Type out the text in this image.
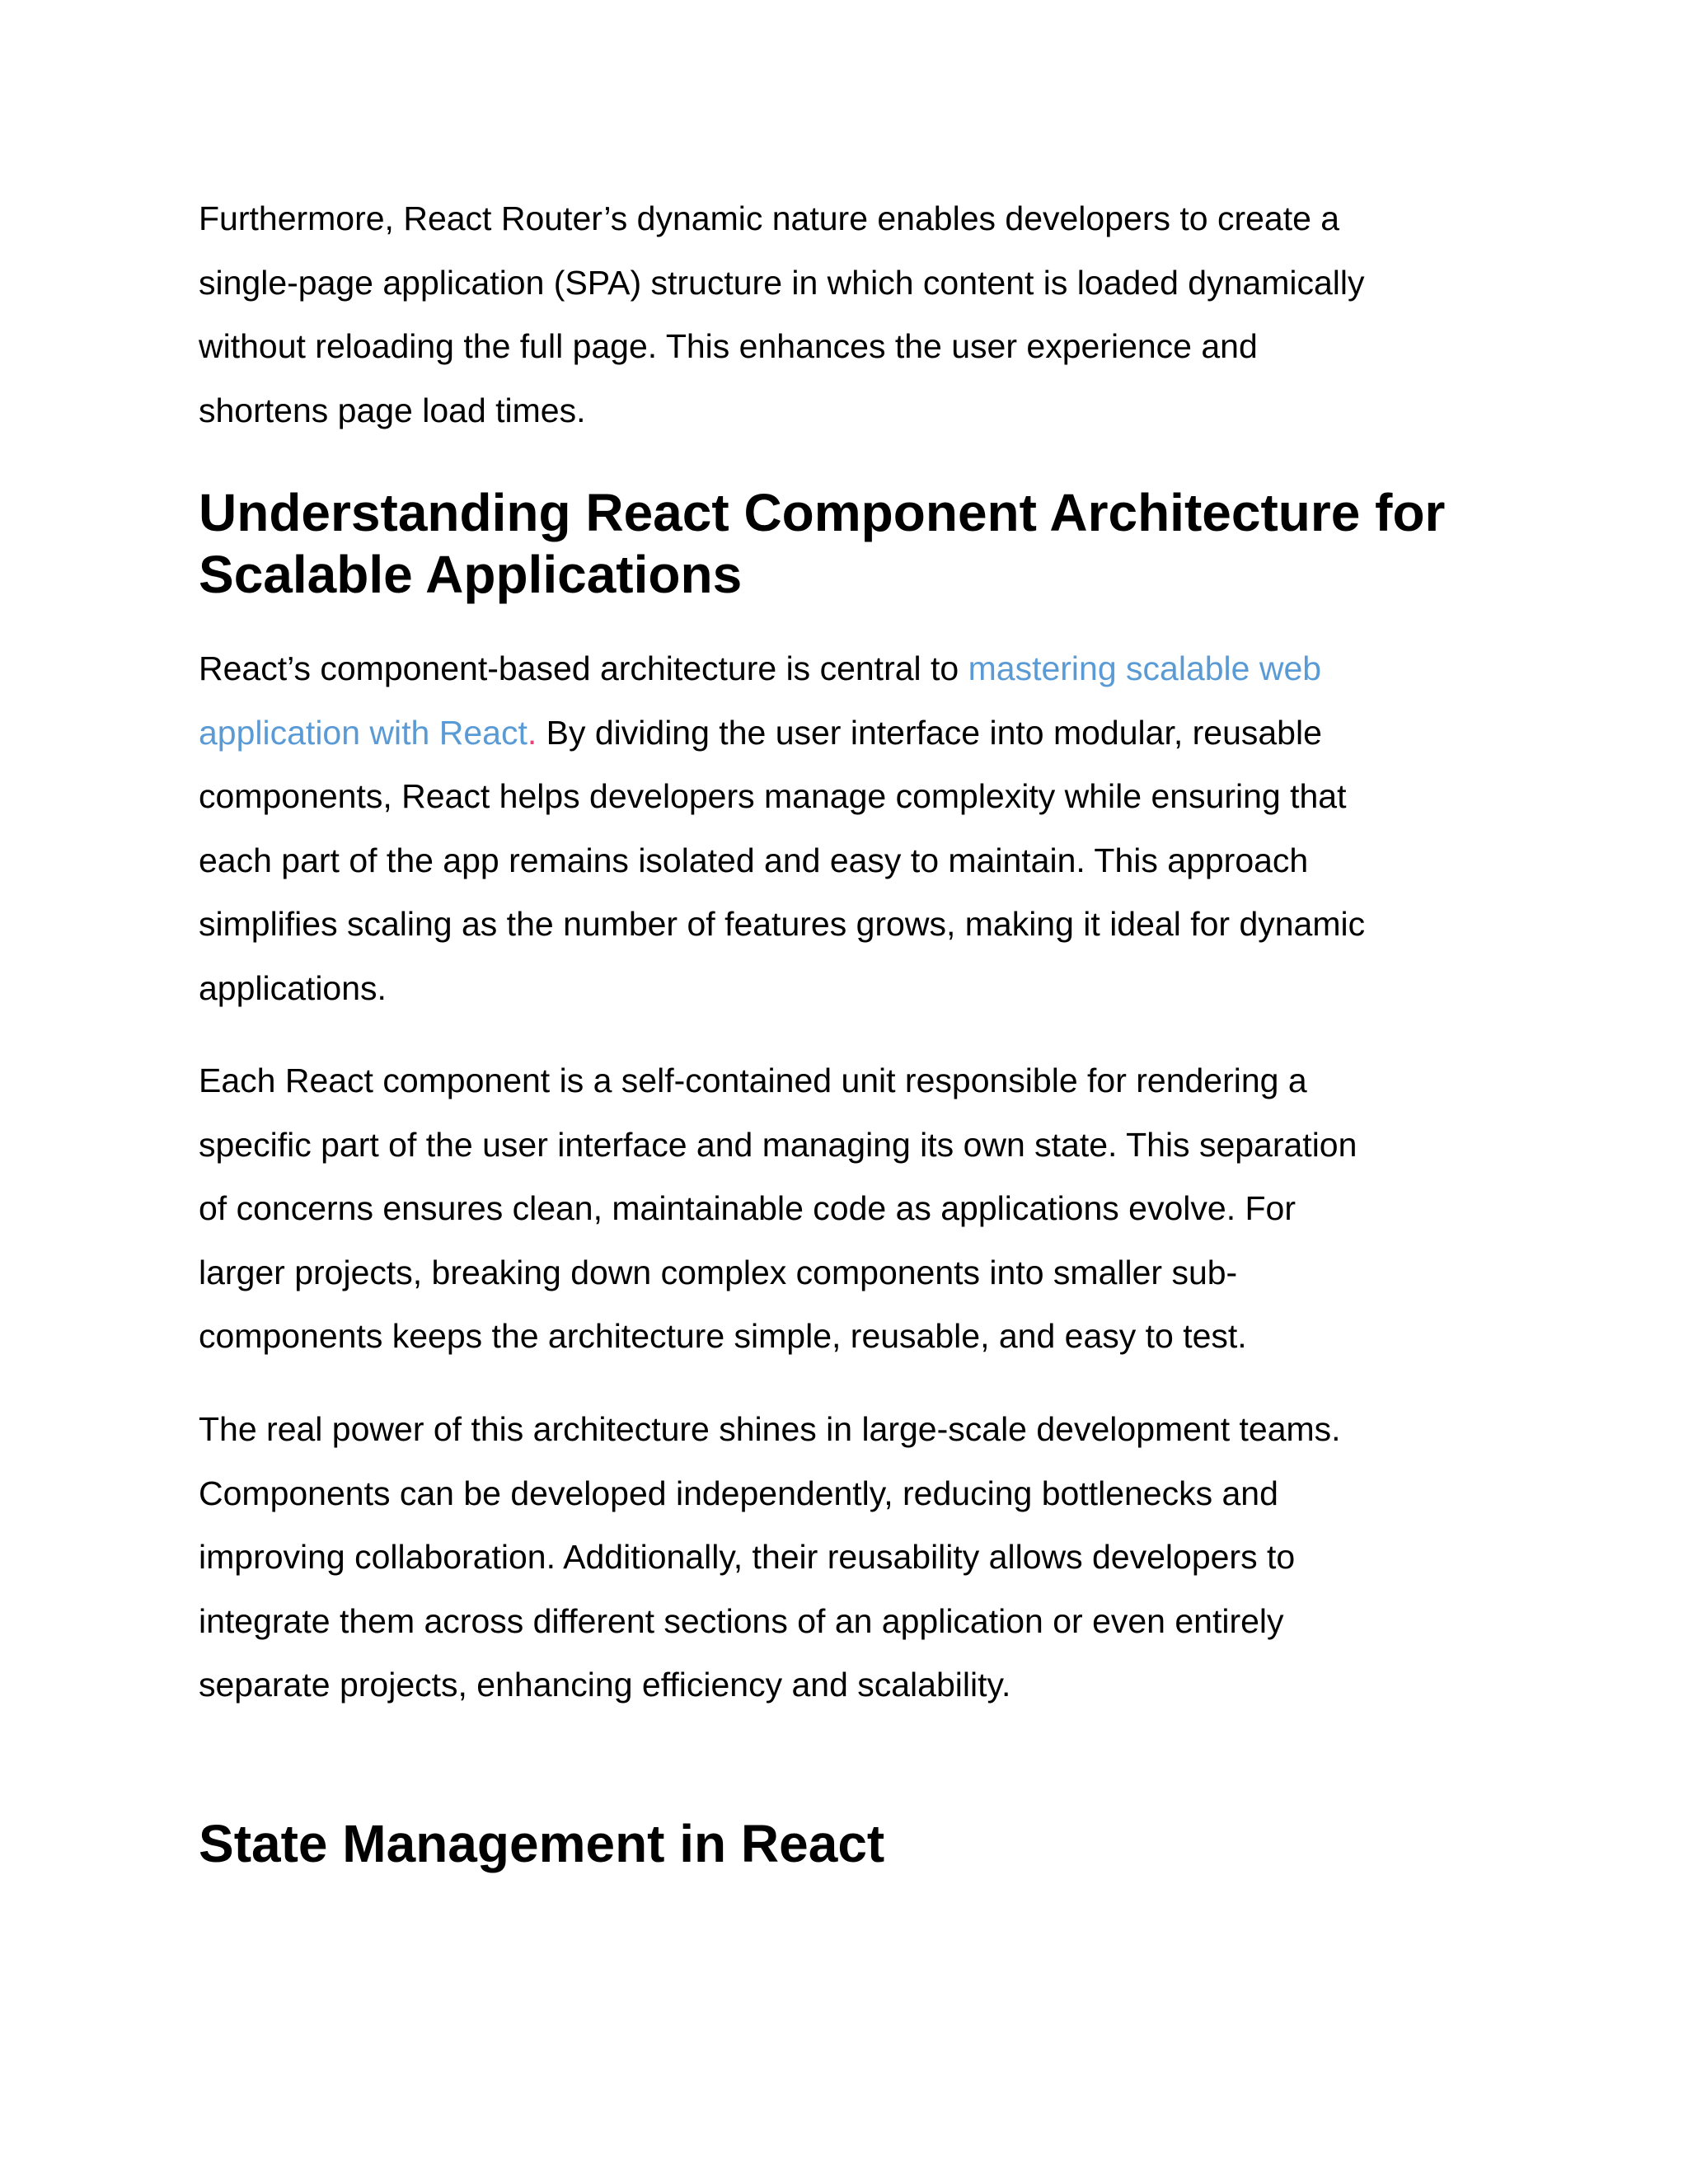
Furthermore, React Router’s dynamic nature enables developers to create a
single-page application (SPA) structure in which content is loaded dynamically
without reloading the full page. This enhances the user experience and
shortens page load times.

Understanding React Component Architecture for
Scalable Applications

React’s component-based architecture is central to mastering scalable web
application with React. By dividing the user interface into modular, reusable
components, React helps developers manage complexity while ensuring that
each part of the app remains isolated and easy to maintain. This approach
simplifies scaling as the number of features grows, making it ideal for dynamic
applications.

Each React component is a self-contained unit responsible for rendering a
specific part of the user interface and managing its own state. This separation
of concerns ensures clean, maintainable code as applications evolve. For
larger projects, breaking down complex components into smaller sub-
components keeps the architecture simple, reusable, and easy to test.

The real power of this architecture shines in large-scale development teams.
Components can be developed independently, reducing bottlenecks and
improving collaboration. Additionally, their reusability allows developers to
integrate them across different sections of an application or even entirely
separate projects, enhancing efficiency and scalability.

State Management in React
